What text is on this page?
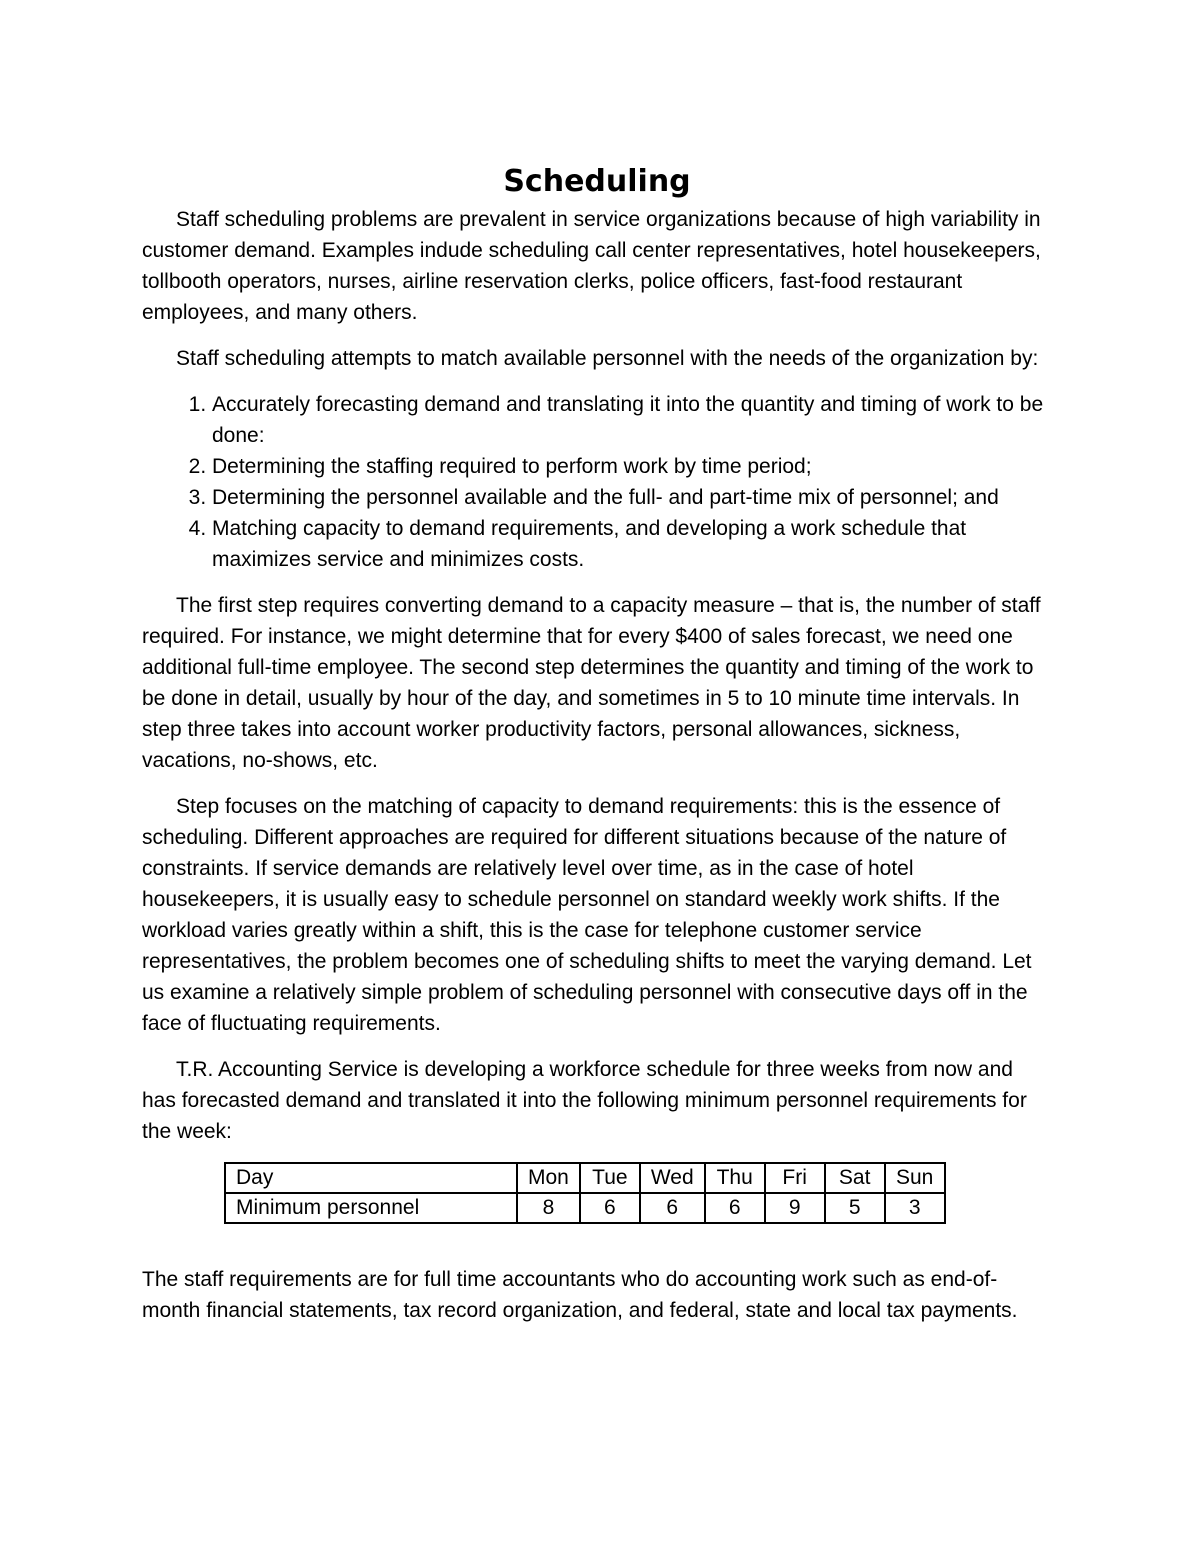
Scheduling

Staff scheduling problems are prevalent in service organizations because of high variability in customer demand. Examples indude scheduling call center representatives, hotel housekeepers, tollbooth operators, nurses, airline reservation clerks, police officers, fast-food restaurant employees, and many others.

Staff scheduling attempts to match available personnel with the needs of the organization by:

1. Accurately forecasting demand and translating it into the quantity and timing of work to be done:
2. Determining the staffing required to perform work by time period;
3. Determining the personnel available and the full- and part-time mix of personnel; and
4. Matching capacity to demand requirements, and developing a work schedule that maximizes service and minimizes costs.

The first step requires converting demand to a capacity measure – that is, the number of staff required. For instance, we might determine that for every $400 of sales forecast, we need one additional full-time employee. The second step determines the quantity and timing of the work to be done in detail, usually by hour of the day, and sometimes in 5 to 10 minute time intervals. In step three takes into account worker productivity factors, personal allowances, sickness, vacations, no-shows, etc.

Step focuses on the matching of capacity to demand requirements: this is the essence of scheduling. Different approaches are required for different situations because of the nature of constraints. If service demands are relatively level over time, as in the case of hotel housekeepers, it is usually easy to schedule personnel on standard weekly work shifts. If the workload varies greatly within a shift, this is the case for telephone customer service representatives, the problem becomes one of scheduling shifts to meet the varying demand. Let us examine a relatively simple problem of scheduling personnel with consecutive days off in the face of fluctuating requirements.

T.R. Accounting Service is developing a workforce schedule for three weeks from now and has forecasted demand and translated it into the following minimum personnel requirements for the week:

Day	Mon	Tue	Wed	Thu	Fri	Sat	Sun
Minimum personnel	8	6	6	6	9	5	3

The staff requirements are for full time accountants who do accounting work such as end-of-month financial statements, tax record organization, and federal, state and local tax payments.
